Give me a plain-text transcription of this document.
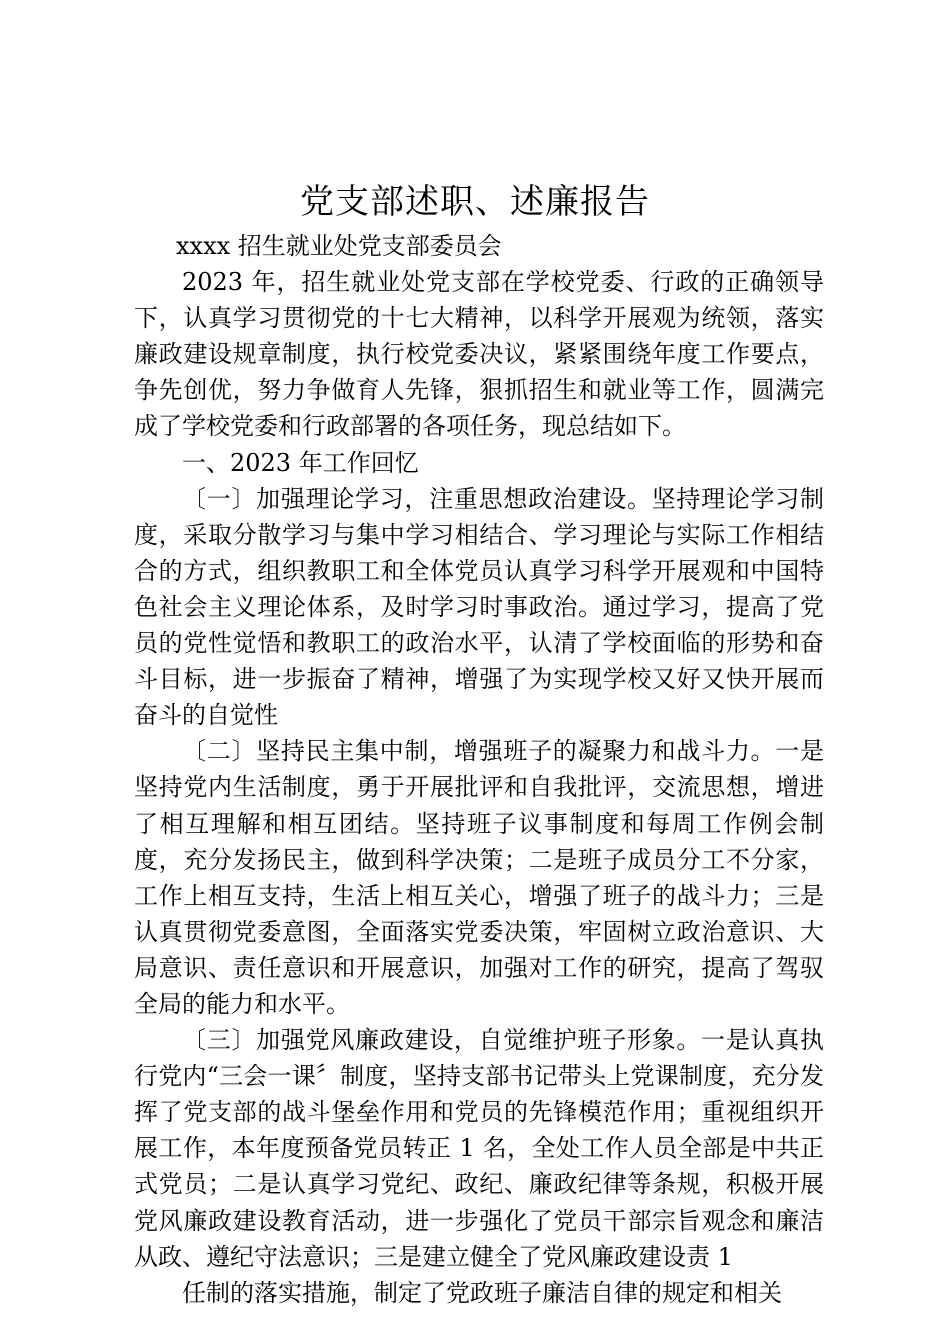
党支部述职、述廉报告

xxxx 招生就业处党支部委员会

2023 年，招生就业处党支部在学校党委、行政的正确领导下，认真学习贯彻党的十七大精神，以科学开展观为统领，落实廉政建设规章制度，执行校党委决议，紧紧围绕年度工作要点，争先创优，努力争做育人先锋，狠抓招生和就业等工作，圆满完成了学校党委和行政部署的各项任务，现总结如下。

一、2023 年工作回忆

〔一〕加强理论学习，注重思想政治建设。坚持理论学习制度，采取分散学习与集中学习相结合、学习理论与实际工作相结合的方式，组织教职工和全体党员认真学习科学开展观和中国特色社会主义理论体系，及时学习时事政治。通过学习，提高了党员的党性觉悟和教职工的政治水平，认清了学校面临的形势和奋斗目标，进一步振奋了精神，增强了为实现学校又好又快开展而奋斗的自觉性

〔二〕坚持民主集中制，增强班子的凝聚力和战斗力。一是坚持党内生活制度，勇于开展批评和自我批评，交流思想，增进了相互理解和相互团结。坚持班子议事制度和每周工作例会制度，充分发扬民主，做到科学决策；二是班子成员分工不分家，工作上相互支持，生活上相互关心，增强了班子的战斗力；三是认真贯彻党委意图，全面落实党委决策，牢固树立政治意识、大局意识、责任意识和开展意识，加强对工作的研究，提高了驾驭全局的能力和水平。

〔三〕加强党风廉政建设，自觉维护班子形象。一是认真执行党内“三会一课〞制度，坚持支部书记带头上党课制度，充分发挥了党支部的战斗堡垒作用和党员的先锋模范作用；重视组织开展工作，本年度预备党员转正 1 名，全处工作人员全部是中共正式党员；二是认真学习党纪、政纪、廉政纪律等条规，积极开展党风廉政建设教育活动，进一步强化了党员干部宗旨观念和廉洁从政、遵纪守法意识；三是建立健全了党风廉政建设责 1

任制的落实措施，制定了党政班子廉洁自律的规定和相关
